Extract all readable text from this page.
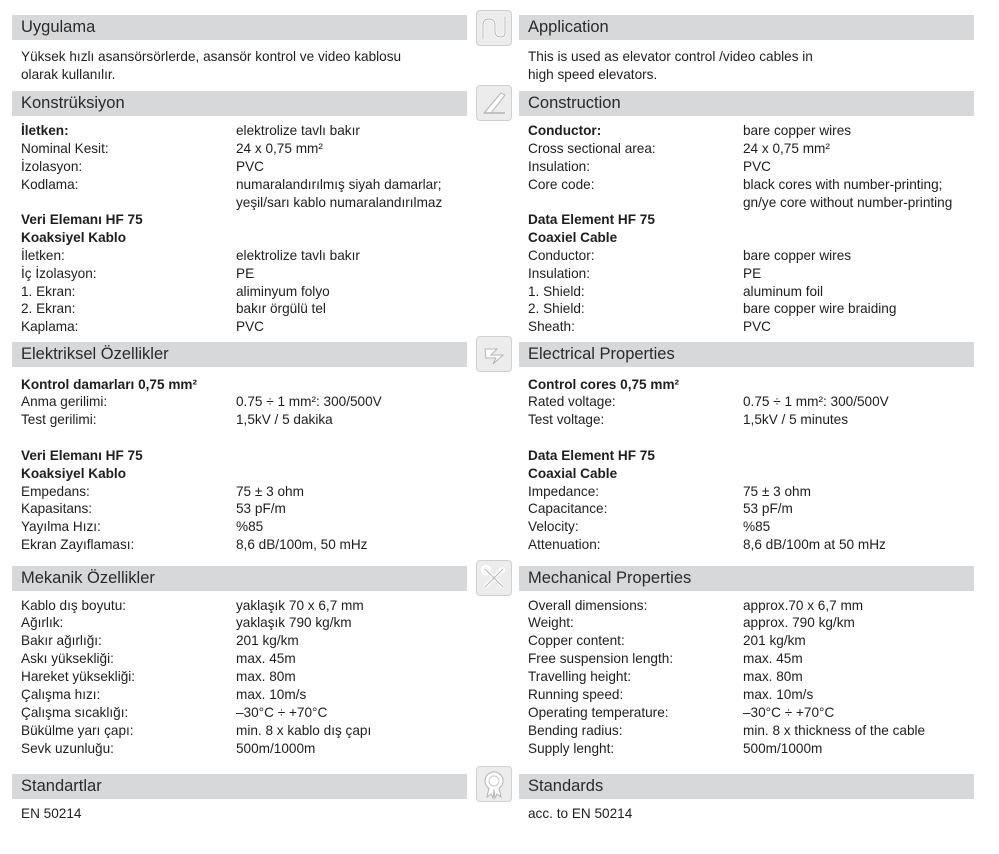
Uygulama
Yüksek hızlı asansörsörlerde, asansör kontrol ve video kablosu
olarak kullanılır.
Konstrüksiyon
İletken:	elektrolize tavlı bakır
Nominal Kesit:	24 x 0,75 mm²
İzolasyon:	PVC
Kodlama:	numaralandırılmış siyah damarlar;
yeşil/sarı kablo numaralandırılmaz
Veri Elemanı HF 75
Koaksiyel Kablo
İletken:	elektrolize tavlı bakır
İç İzolasyon:	PE
1. Ekran:	aliminyum folyo
2. Ekran:	bakır örgülü tel
Kaplama:	PVC
Elektriksel Özellikler
Kontrol damarları 0,75 mm²
Anma gerilimi:	0.75 ÷ 1 mm²: 300/500V
Test gerilimi:	1,5kV / 5 dakika
Veri Elemanı HF 75
Koaksiyel Kablo
Empedans:	75 ± 3 ohm
Kapasitans:	53 pF/m
Yayılma Hızı:	%85
Ekran Zayıflaması:	8,6 dB/100m, 50 mHz
Mekanik Özellikler
Kablo dış boyutu:	yaklaşık 70 x 6,7 mm
Ağırlık:	yaklaşık 790 kg/km
Bakır ağırlığı:	201 kg/km
Askı yüksekliği:	max. 45m
Hareket yüksekliği:	max. 80m
Çalışma hızı:	max. 10m/s
Çalışma sıcaklığı:	–30°C ÷ +70°C
Bükülme yarı çapı:	min. 8 x kablo dış çapı
Sevk uzunluğu:	500m/1000m
Standartlar
EN 50214
Application
This is used as elevator control /video cables in
high speed elevators.
Construction
Conductor:	bare copper wires
Cross sectional area:	24 x 0,75 mm²
Insulation:	PVC
Core code:	black cores with number-printing;
gn/ye core without number-printing
Data Element HF 75
Coaxiel Cable
Conductor:	bare copper wires
Insulation:	PE
1. Shield:	aluminum foil
2. Shield:	bare copper wire braiding
Sheath:	PVC
Electrical Properties
Control cores 0,75 mm²
Rated voltage:	0.75 ÷ 1 mm²: 300/500V
Test voltage:	1,5kV / 5 minutes
Data Element HF 75
Coaxial Cable
Impedance:	75 ± 3 ohm
Capacitance:	53 pF/m
Velocity:	%85
Attenuation:	8,6 dB/100m at 50 mHz
Mechanical Properties
Overall dimensions:	approx.70 x 6,7 mm
Weight:	approx. 790 kg/km
Copper content:	201 kg/km
Free suspension length:	max. 45m
Travelling height:	max. 80m
Running speed:	max. 10m/s
Operating temperature:	–30°C ÷ +70°C
Bending radius:	min. 8 x thickness of the cable
Supply lenght:	500m/1000m
Standards
acc. to EN 50214
